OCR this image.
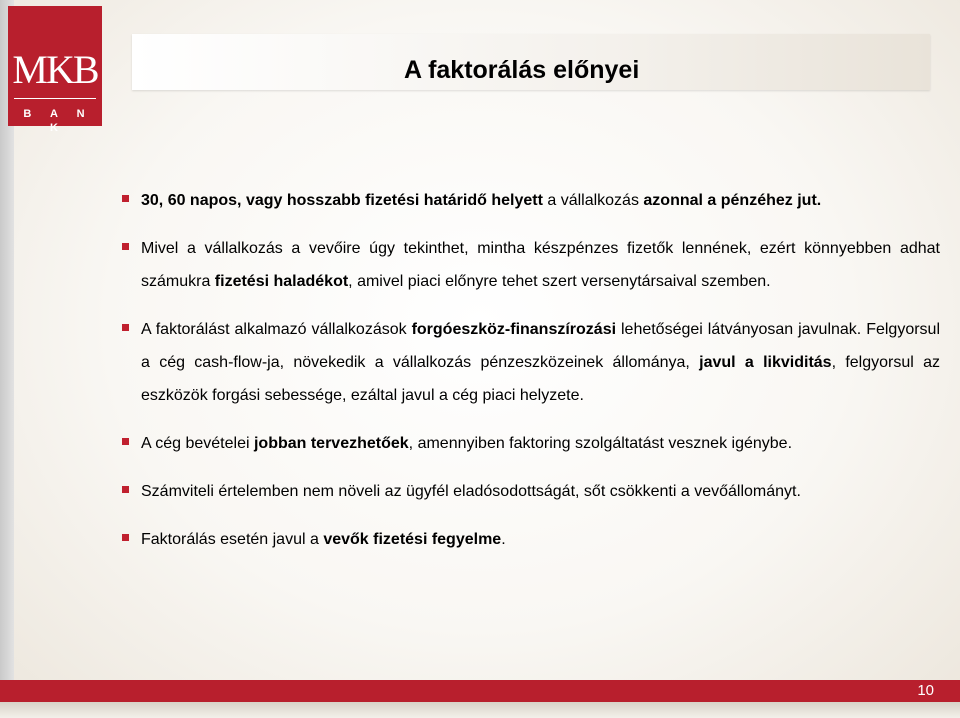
MKB
B A N K
A faktorálás előnyei
30, 60 napos, vagy hosszabb fizetési határidő helyett a vállalkozás azonnal a pénzéhez jut.
Mivel a vállalkozás a vevőire úgy tekinthet, mintha készpénzes fizetők lennének, ezért könnyebben adhat számukra fizetési haladékot, amivel piaci előnyre tehet szert versenytársaival szemben.
A faktorálást alkalmazó vállalkozások forgóeszköz-finanszírozási lehetőségei látványosan javulnak. Felgyorsul a cég cash-flow-ja, növekedik a vállalkozás pénzeszközeinek állománya, javul a likviditás, felgyorsul az eszközök forgási sebessége, ezáltal javul a cég piaci helyzete.
A cég bevételei jobban tervezhetőek, amennyiben faktoring szolgáltatást vesznek igénybe.
Számviteli értelemben nem növeli az ügyfél eladósodottságát, sőt csökkenti a vevőállományt.
Faktorálás esetén javul a vevők fizetési fegyelme.
10
